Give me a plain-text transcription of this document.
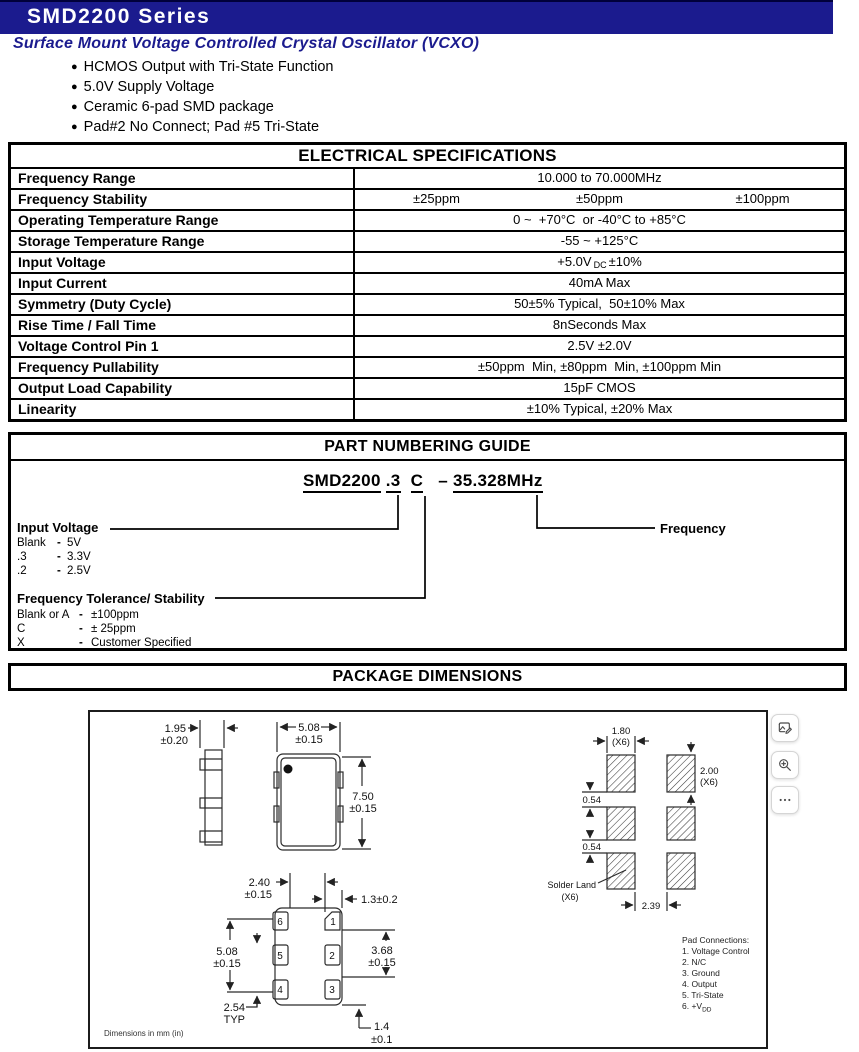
SMD2200 Series
Surface Mount Voltage Controlled Crystal Oscillator (VCXO)
● HCMOS Output with Tri-State Function
● 5.0V Supply Voltage
● Ceramic 6-pad SMD package
● Pad#2 No Connect; Pad #5 Tri-State
ELECTRICAL SPECIFICATIONS
Frequency Range	10.000 to 70.000MHz
Frequency Stability	±25ppm	±50ppm	±100ppm
Operating Temperature Range	0 ~  +70°C  or -40°C to +85°C
Storage Temperature Range	-55 ~ +125°C
Input Voltage	+5.0V $_{DC}$ ±10%
Input Current	40mA Max
Symmetry (Duty Cycle)	50±5% Typical,  50±10% Max
Rise Time / Fall Time	8nSeconds Max
Voltage Control Pin 1	2.5V ±2.0V
Frequency Pullability	±50ppm  Min, ±80ppm  Min, ±100ppm Min
Output Load Capability	15pF CMOS
Linearity	±10% Typical, ±20% Max
PART NUMBERING GUIDE
SMD2200 .3 C – 35.328MHz
Input Voltage
Blank - 5V
.3	- 3.3V
.2	- 2.5V
Frequency Tolerance/ Stability
Blank or A - ±100ppm
C	- ± 25ppm
X	- Customer Specified
Frequency
PACKAGE DIMENSIONS
1.95
±0.20
5.08
±0.15
7.50
±0.15
6
5
4
1
2
3
2.40
±0.15	1.3±0.2
5.08
±0.15
2.54
TYP
3.68
±0.15
1.4
±0.1
1.80
(X6)
2.00
(X6)
0.54
0.54
Solder Land
(X6)
2.39
Pad Connections:
1. Voltage Control
2. N/C
3. Ground
4. Output
5. Tri-State
6. $+V_{DD}$
Dimensions in mm (in)
